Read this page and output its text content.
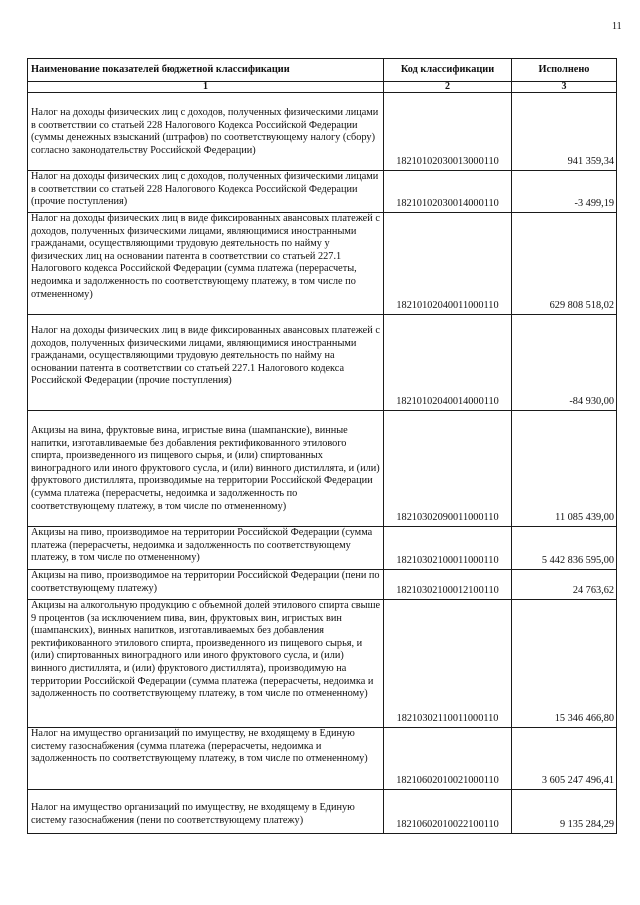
11
Наименование показателей бюджетной классификации	Код классификации	Исполнено
1	2	3
Налог на доходы физических лиц с доходов, полученных физическими лицами в соответствии со статьей 228 Налогового Кодекса Российской Федерации (суммы денежных взысканий (штрафов) по соответствующему налогу (сбору) согласно законодательству Российской Федерации)	18210102030013000110	941 359,34
Налог на доходы физических лиц с доходов, полученных физическими лицами в соответствии со статьей 228 Налогового Кодекса Российской Федерации (прочие поступления)	18210102030014000110	-3 499,19
Налог на доходы физических лиц в виде фиксированных авансовых платежей с доходов, полученных физическими лицами, являющимися иностранными гражданами, осуществляющими трудовую деятельность по найму у физических лиц на основании патента в соответствии со статьей 227.1 Налогового кодекса Российской Федерации (сумма платежа (перерасчеты, недоимка и задолженность по соответствующему платежу, в том числе по отмененному)	18210102040011000110	629 808 518,02
Налог на доходы физических лиц в виде фиксированных авансовых платежей с доходов, полученных физическими лицами, являющимися иностранными гражданами, осуществляющими трудовую деятельность по найму на основании патента в соответствии со статьей 227.1 Налогового кодекса Российской Федерации (прочие поступления)	18210102040014000110	-84 930,00
Акцизы на вина, фруктовые вина, игристые вина (шампанские), винные напитки, изготавливаемые без добавления ректификованного этилового спирта, произведенного из пищевого сырья, и (или) спиртованных виноградного или иного фруктового сусла, и (или) винного дистиллята, и (или) фруктового дистиллята, производимые на территории Российской Федерации (сумма платежа (перерасчеты, недоимка и задолженность по соответствующему платежу, в том числе по отмененному)	18210302090011000110	11 085 439,00
Акцизы на пиво, производимое на территории Российской Федерации (сумма платежа (перерасчеты, недоимка и задолженность по соответствующему платежу, в том числе по отмененному)	18210302100011000110	5 442 836 595,00
Акцизы на пиво, производимое на территории Российской Федерации (пени по соответствующему платежу)	18210302100012100110	24 763,62
Акцизы на алкогольную продукцию с объемной долей этилового спирта свыше 9 процентов (за исключением пива, вин, фруктовых вин, игристых вин (шампанских), винных напитков, изготавливаемых без добавления ректификованного этилового спирта, произведенного из пищевого сырья, и (или) спиртованных виноградного или иного фруктового сусла, и (или) винного дистиллята, и (или) фруктового дистиллята), производимую на территории Российской Федерации (сумма платежа (перерасчеты, недоимка и задолженность по соответствующему платежу, в том числе по отмененному)	18210302110011000110	15 346 466,80
Налог на имущество организаций по имуществу, не входящему в Единую систему газоснабжения (сумма платежа (перерасчеты, недоимка и задолженность по соответствующему платежу, в том числе по отмененному)	18210602010021000110	3 605 247 496,41
Налог на имущество организаций по имуществу, не входящему в Единую систему газоснабжения (пени по соответствующему платежу)	18210602010022100110	9 135 284,29
